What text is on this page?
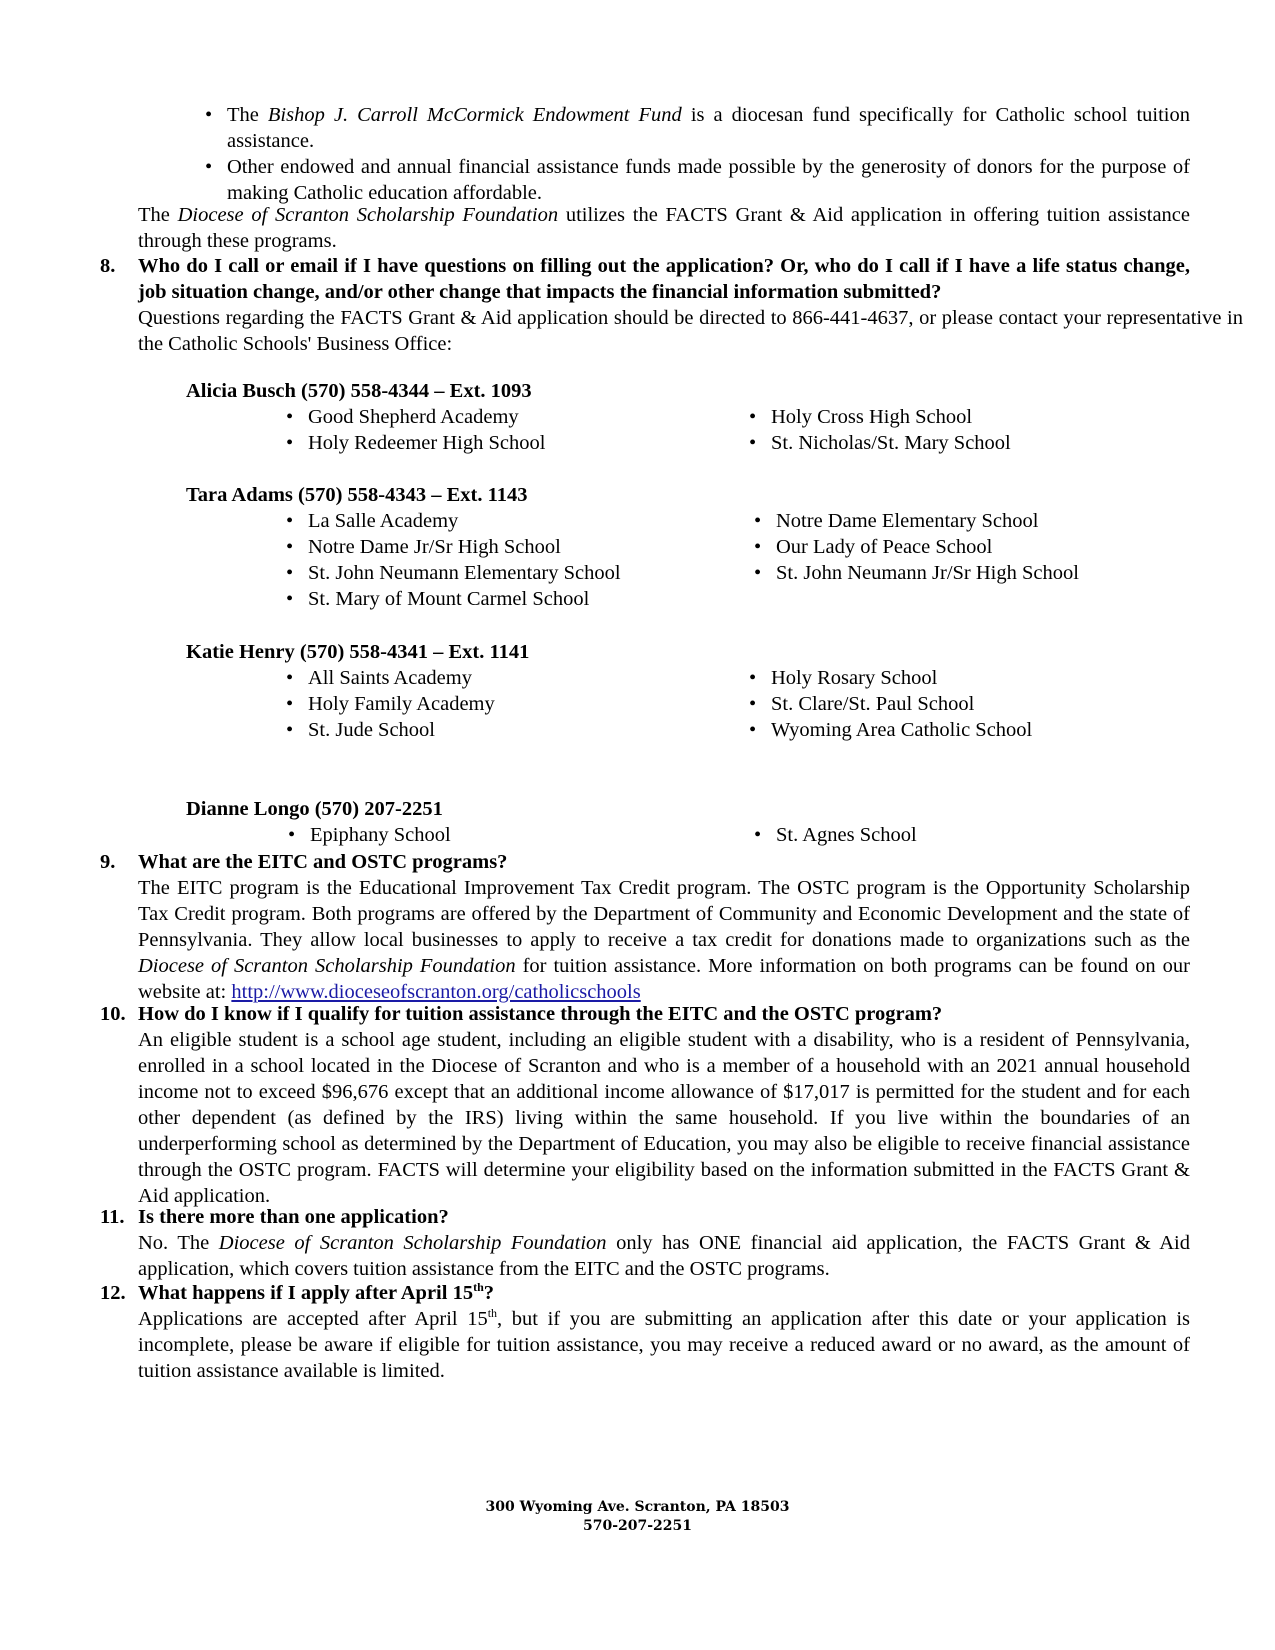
• The Bishop J. Carroll McCormick Endowment Fund is a diocesan fund specifically for Catholic school tuition assistance.
• Other endowed and annual financial assistance funds made possible by the generosity of donors for the purpose of making Catholic education affordable.
The Diocese of Scranton Scholarship Foundation utilizes the FACTS Grant & Aid application in offering tuition assistance through these programs.
8. Who do I call or email if I have questions on filling out the application? Or, who do I call if I have a life status change, job situation change, and/or other change that impacts the financial information submitted?
Questions regarding the FACTS Grant & Aid application should be directed to 866-441-4637, or please contact your representative in the Catholic Schools' Business Office:
Alicia Busch (570) 558-4344 – Ext. 1093
• Good Shepherd Academy
• Holy Redeemer High School
• Holy Cross High School
• St. Nicholas/St. Mary School
Tara Adams (570) 558-4343 – Ext. 1143
• La Salle Academy
• Notre Dame Jr/Sr High School
• St. John Neumann Elementary School
• St. Mary of Mount Carmel School
• Notre Dame Elementary School
• Our Lady of Peace School
• St. John Neumann Jr/Sr High School
Katie Henry (570) 558-4341 – Ext. 1141
• All Saints Academy
• Holy Family Academy
• St. Jude School
• Holy Rosary School
• St. Clare/St. Paul School
• Wyoming Area Catholic School
Dianne Longo (570) 207-2251
• Epiphany School	• St. Agnes School
9. What are the EITC and OSTC programs?
The EITC program is the Educational Improvement Tax Credit program. The OSTC program is the Opportunity Scholarship Tax Credit program. Both programs are offered by the Department of Community and Economic Development and the state of Pennsylvania. They allow local businesses to apply to receive a tax credit for donations made to organizations such as the Diocese of Scranton Scholarship Foundation for tuition assistance. More information on both programs can be found on our website at: http://www.dioceseofscranton.org/catholicschools
10. How do I know if I qualify for tuition assistance through the EITC and the OSTC program?
An eligible student is a school age student, including an eligible student with a disability, who is a resident of Pennsylvania, enrolled in a school located in the Diocese of Scranton and who is a member of a household with an 2021 annual household income not to exceed $96,676 except that an additional income allowance of $17,017 is permitted for the student and for each other dependent (as defined by the IRS) living within the same household. If you live within the boundaries of an underperforming school as determined by the Department of Education, you may also be eligible to receive financial assistance through the OSTC program. FACTS will determine your eligibility based on the information submitted in the FACTS Grant & Aid application.
11. Is there more than one application?
No. The Diocese of Scranton Scholarship Foundation only has ONE financial aid application, the FACTS Grant & Aid application, which covers tuition assistance from the EITC and the OSTC programs.
12. What happens if I apply after April 15th?
Applications are accepted after April 15th, but if you are submitting an application after this date or your application is incomplete, please be aware if eligible for tuition assistance, you may receive a reduced award or no award, as the amount of tuition assistance available is limited.
300 Wyoming Ave. Scranton, PA 18503
570-207-2251
